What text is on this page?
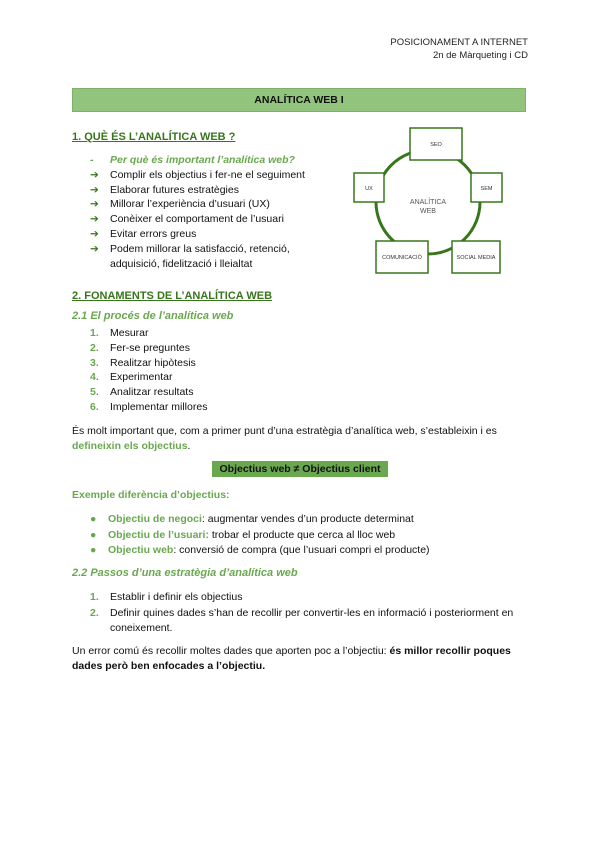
POSICIONAMENT A INTERNET
2n de Màrqueting i CD
ANALÍTICA WEB I
1. QUÈ ÉS L’ANALÍTICA WEB ?
- Per què és important l’analítica web?
➔ Complir els objectius i fer-ne el seguiment
➔ Elaborar futures estratègies
➔ Millorar l’experiència d’usuari (UX)
➔ Conèixer el comportament de l’usuari
➔ Evitar errors greus
➔ Podem millorar la satisfacció, retenció,
adquisició, fidelització i lleialtat
ANALÍTICA
WEB
SEO
SEM
SOCIAL MEDIA
COMUNICACIÓ
UX
2. FONAMENTS DE L’ANALÍTICA WEB
2.1 El procés de l’analítica web
1. Mesurar
2. Fer-se preguntes
3. Realitzar hipòtesis
4. Experimentar
5. Analitzar resultats
6. Implementar millores
És molt important que, com a primer punt d’una estratègia d’analítica web, s’estableixin i es defineixin els objectius.
Objectius web ≠ Objectius client
Exemple diferència d’objectius:
● Objectiu de negoci: augmentar vendes d’un producte determinat
● Objectiu de l’usuari: trobar el producte que cerca al lloc web
● Objectiu web: conversió de compra (que l’usuari compri el producte)
2.2 Passos d’una estratègia d’analítica web
1. Establir i definir els objectius
2. Definir quines dades s’han de recollir per convertir-les en informació i posteriorment en coneixement.
Un error comú és recollir moltes dades que aporten poc a l’objectiu: és millor recollir poques dades però ben enfocades a l’objectiu.
